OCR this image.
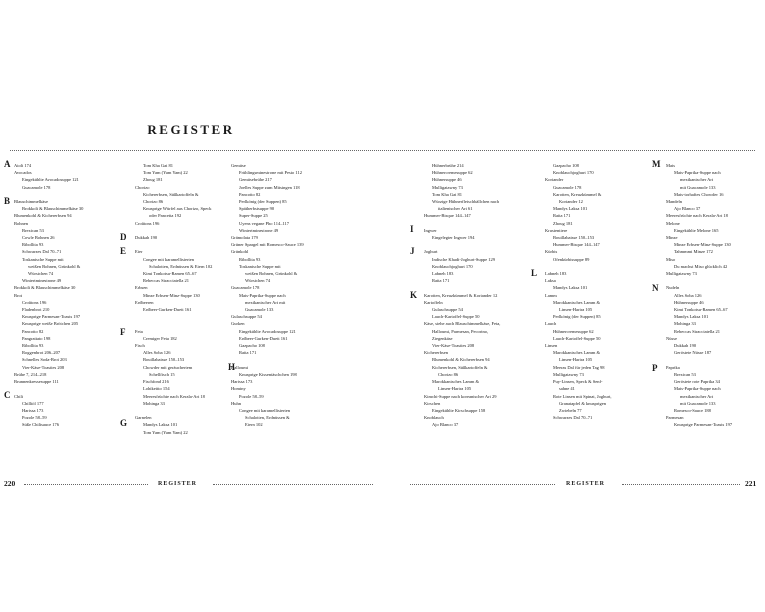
REGISTER
Aioli 174
Avocados
Eingekühlte Avocadosuppe 121
Guacamole 178

Blauschimmelkäse
Brokkoli & Blauschimmelkäse 30
Blumenkohl & Kichererbsen 94
Bohnen
Brexican 53
Cowle Bohnen 26
Ribollita 93
Schwarzes Dal 70–71
Toskanische Suppe mit
weißen Bohnen, Grünkohl &
Würstchen 74
Wintertminestrone 49
Brokkoli & Blauschimmelkäse 30
Brot
Croûtons 196
Fladenbrot 210
Knusprige Parmesan-Toasts 197
Knusprige weiße Brötchen 205
Pancotto 82
Pangrattato 198
Ribollita 93
Roggenbrot 206–207
Schnelles Soda-Brot 203
Vier-Käse-Toasties 208
Brühe 7, 214–218
Brunnenkressesuppe 111

Chili
Chilliöl 177
Harissa 173
Pozole 58–59
Süße Chilisauce 176
Tom Kha Gai 81
Tom Yam (Yam Yam) 22
Zhoug 181
Chorizo
Kichererbsen, Süßkartoffeln &
Chorizo 86
Knusprige Würfel aus Chorizo, Speck
oder Pancetta 192
Croûtons 196

Dukkah 190

Eier
Congee mit karamellisierten
Schalotten, Erdnüssen & Eiern 102
Kimi Tonkotsu-Ramen 65–67
Rebeccas Stracciatella 21
Erbsen
Minze Erbsen-Minz-Suppe 130
Erdbeeren
Erdbeer-Gurken-Duett 161

Feta
Cremiger Feta 182
Fisch
Alles Soba 126
Bouillabaisse 150–153
Chowder mit geräuchertem
Schellfisch 15
Fischfond 216
Lohikeitto 154
Meeresfrüchte nach Kerala-Art 18
Mohinga 33

Garnelen
Mandys Laksa 101
Tom Yam (Yam Yam) 22
Gemüse
Frühlingsminestrone mit Pesto 112
Gemüsebrühe 217
Joelles Suppe zum Mitsingen 118
Pancotto 82
Perlkönig (der Suppen) 85
Spätherbstsuppe 90
Super-Suppe 25
Uyens vegane Pho 114–117
Wintertminestrone 49
Grämolata 179
Grüner Spargel mit Romesco-Sauce 139
Grünkohl
Ribollita 93
Toskanische Suppe mit
weißen Bohnen, Grünkohl &
Würstchen 74
Guacamole 178
Mais-Paprika-Suppe nach
mexikanischer Art mit
Guacamole 133
Gulaschsuppe 54
Gurken
Eingekühlte Avocadosuppe 121
Erdbeer-Gurken-Duett 161
Gazpacho 108
Raita 171

Halloumi
Knusprige Kissentäschchen 198
Harissa 173
Hominy
Pozole 58–59
Huhn
Congee mit karamellisierten
Schalotten, Erdnüssen &
Eiern 102
Hühnerbrühe 214
Hühnercremesuppe 62
Hühnersuppe 46
Mulligatawny 73
Tom Kha Gai 81
Würzige Hühnerfleischbällchen nach
italienischer Art 61
Hummer-Bisque 144–147

Ingwer
Eingelegter Ingwer 194

Joghurt
Indische Khadi-Joghurt-Suppe 129
Knoblauchjoghurt 170
Labneh 183
Raita 171

Karotten, Kreuzkümmel & Koriander 12
Kartoffeln
Gulaschsuppe 54
Lauch-Kartoffel-Suppe 50
Käse, siehe auch Blauschimmelkäse, Feta,
Halloumi, Parmesan, Pecorino,
Ziegenkäse
Vier-Käse-Toasties 208
Kichererbsen
Blumenkohl & Kichererbsen 94
Kichererbsen, Süßkartoffeln &
Chorizo 86
Marokkanisches Lamm &
Linsen-Harira 105
Kimchi-Suppe nach koreanischer Art 29
Kirschen
Eingekühlte Kirschsuppe 158
Knoblauch
Ajo Blanco 37
Gazpacho 108
Knoblauchjoghurt 170
Koriander
Guacamole 178
Karotten, Kreuzkümmel &
Koriander 12
Mandys Laksa 101
Raita 171
Zhoug 181
Krustentiere
Bouillabaisse 150–153
Hummer-Bisque 144–147
Kürbis
Ofenkürbissuppe 89

Labneh 183
Laksa
Mandys Laksa 101
Lamm
Marokkanisches Lamm &
Linsen-Harira 105
Perlkönig (der Suppen) 85
Lauch
Hühnercremesuppe 62
Lauch-Kartoffel-Suppe 50
Linsen
Marokkanisches Lamm &
Linsen-Harira 105
Meeras Dal für jeden Tag 98
Mulligatawny 73
Puy-Linsen, Speck & Senf-
sahne 41
Rote Linsen mit Spinat, Joghurt,
Granatapfel & knusprigen
Zwiebeln 77
Schwarzes Dal 70–71
Mais
Mais-Paprika-Suppe nach
mexikanischer Art
mit Guacamole 133
Mais-torhaftes Chowder 16
Mandeln
Ajo Blanco 37
Meeresfrüchte nach Kerala-Art 18
Melone
Eingekühlte Melone 165
Minze
Minze Erbsen-Minz-Suppe 130
Tahmmmi Minze 172
Miso
Du machst Miso glücklich 42
Mulligatawny 73

Nudeln
Alles Soba 126
Hühnersuppe 46
Kimi Tonkotsu-Ramen 65–67
Mandys Laksa 101
Mohinga 33
Rebeccas Stracciatella 21
Nüsse
Dukkah 190
Geröstete Nüsse 187

Paprika
Brexican 53
Geröstete rote Paprika 34
Mais-Paprika-Suppe nach
mexikanischer Art
mit Guacamole 133
Romesco-Sauce 188
Parmesan
Knusprige Parmesan-Toasts 197
A
B
C
D
E
F
G
H
I
J
K
L
M
N
P
220	REGISTER	REGISTER	221
